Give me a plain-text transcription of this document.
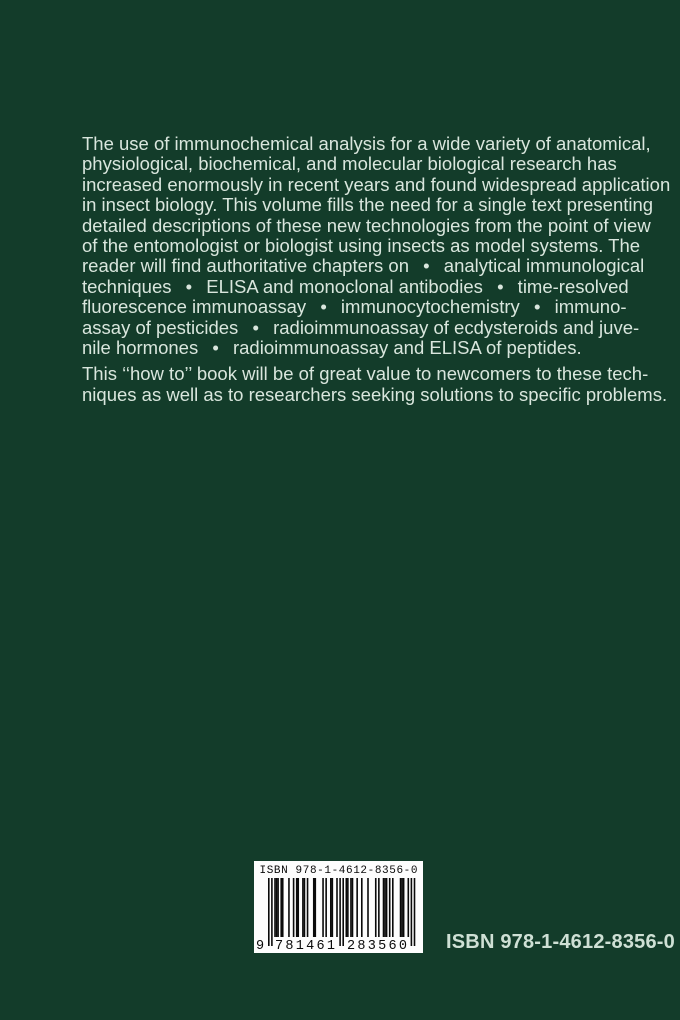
The use of immunochemical analysis for a wide variety of anatomical,
physiological, biochemical, and molecular biological research has
increased enormously in recent years and found widespread application
in insect biology. This volume fills the need for a single text presenting
detailed descriptions of these new technologies from the point of view
of the entomologist or biologist using insects as model systems. The
reader will find authoritative chapters on • analytical immunological
techniques • ELISA and monoclonal antibodies • time-resolved
fluorescence immunoassay • immunocytochemistry • immuno-
assay of pesticides • radioimmunoassay of ecdysteroids and juve-
nile hormones • radioimmunoassay and ELISA of peptides.
This ‘‘how to’’ book will be of great value to newcomers to these tech-
niques as well as to researchers seeking solutions to specific problems.
ISBN 978-1-4612-8356-0
9 781461 283560 ISBN 978-1-4612-8356-0
